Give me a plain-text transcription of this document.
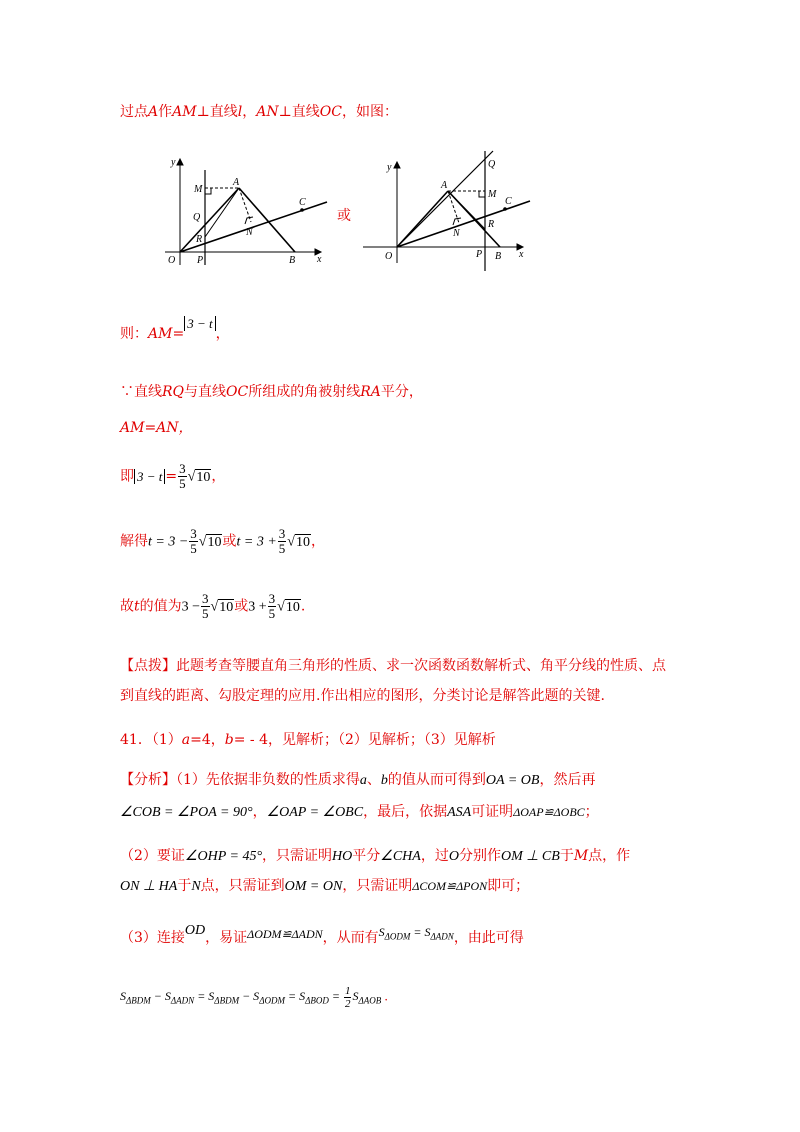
过点A作AM⊥直线l，AN⊥直线OC，如图：
y
x
O P	B
A
M
Q
R
N
C
或
y
x
O	P B
A
M
Q
R
N
C
则：AM=3 − t，
∵直线RQ与直线OC所组成的角被射线RA平分，
AM=AN，
即 $3 - t = \frac{3}{5} √10$，
解得$t = 3 - \frac{3}{5} √10$或$t = 3 + \frac{3}{5} √10$，
故t的值为$3 - \frac{3}{5} √10$或$3 + \frac{3}{5} √10$.
【点拨】此题考查等腰直角三角形的性质、求一次函数函数解析式、角平分线的性质、点
到直线的距离、勾股定理的应用.作出相应的图形，分类讨论是解答此题的关键.
41．（1）a=4，b= - 4，见解析；（2）见解析；（3）见解析
【分析】（1）先依据非负数的性质求得a、b的值从而可得到OA = OB，然后再
∠COB = ∠POA = 90°，∠OAP = ∠OBC，最后，依据ASA可证明ΔOAP≌ΔOBC；
（2）要证∠OHP = 45°，只需证明HO平分∠CHA，过O分别作OM ⊥ CB于M点，作
ON ⊥ HA于N点，只需证到OM = ON，只需证明ΔCOM≌ΔPON即可；
（3）连接OD，易证ΔODM≌ΔADN，从而有$S_{\Delta ODM} = S_{\Delta ADN}$，由此可得
$S_{\Delta BDM} - S_{\Delta ADN} = S_{\Delta BDM} - S_{\Delta ODM} = S_{\Delta BOD} = \frac{1}{2} S_{\Delta AOB}$ .
